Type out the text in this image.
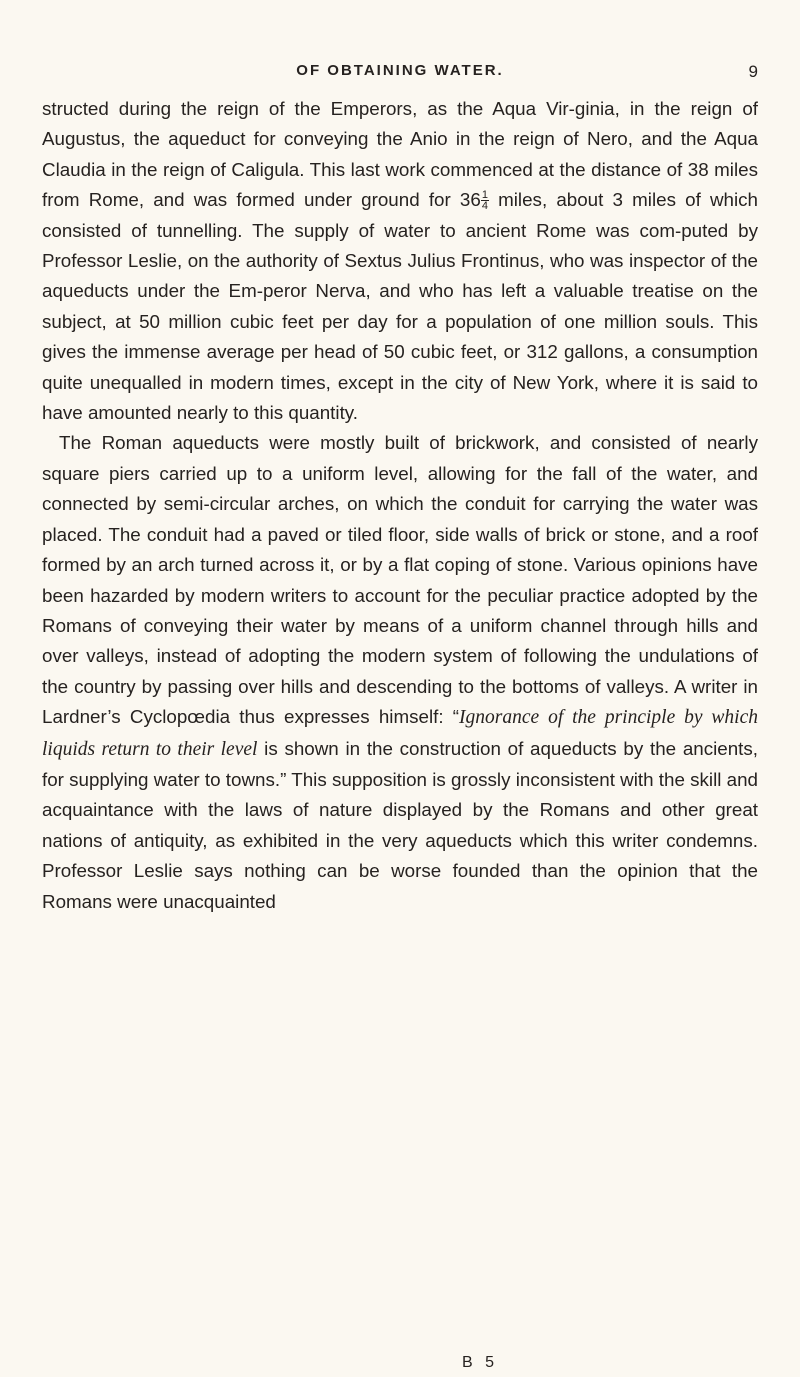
OF OBTAINING WATER.	9

structed during the reign of the Emperors, as the Aqua Vir-ginia, in the reign of Augustus, the aqueduct for conveying the Anio in the reign of Nero, and the Aqua Claudia in the reign of Caligula. This last work commenced at the distance of 38 miles from Rome, and was formed under ground for $36 \frac{1}{4}$ miles, about 3 miles of which consisted of tunnelling. The supply of water to ancient Rome was com-puted by Professor Leslie, on the authority of Sextus Julius Frontinus, who was inspector of the aqueducts under the Em-peror Nerva, and who has left a valuable treatise on the subject, at 50 million cubic feet per day for a population of one million souls. This gives the immense average per head of 50 cubic feet, or 312 gallons, a consumption quite unequalled in modern times, except in the city of New York, where it is said to have amounted nearly to this quantity.

The Roman aqueducts were mostly built of brickwork, and consisted of nearly square piers carried up to a uniform level, allowing for the fall of the water, and connected by semi-circular arches, on which the conduit for carrying the water was placed. The conduit had a paved or tiled floor, side walls of brick or stone, and a roof formed by an arch turned across it, or by a flat coping of stone. Various opinions have been hazarded by modern writers to account for the peculiar practice adopted by the Romans of conveying their water by means of a uniform channel through hills and over valleys, instead of adopting the modern system of following the undulations of the country by passing over hills and descending to the bottoms of valleys. A writer in Lardner’s Cyclopœdia thus expresses himself: “Ignorance of the principle by which liquids return to their level is shown in the construction of aqueducts by the ancients, for supplying water to towns.” This supposition is grossly inconsistent with the skill and acquaintance with the laws of nature displayed by the Romans and other great nations of antiquity, as exhibited in the very aqueducts which this writer condemns. Professor Leslie says nothing can be worse founded than the opinion that the Romans were unacquainted

B 5
